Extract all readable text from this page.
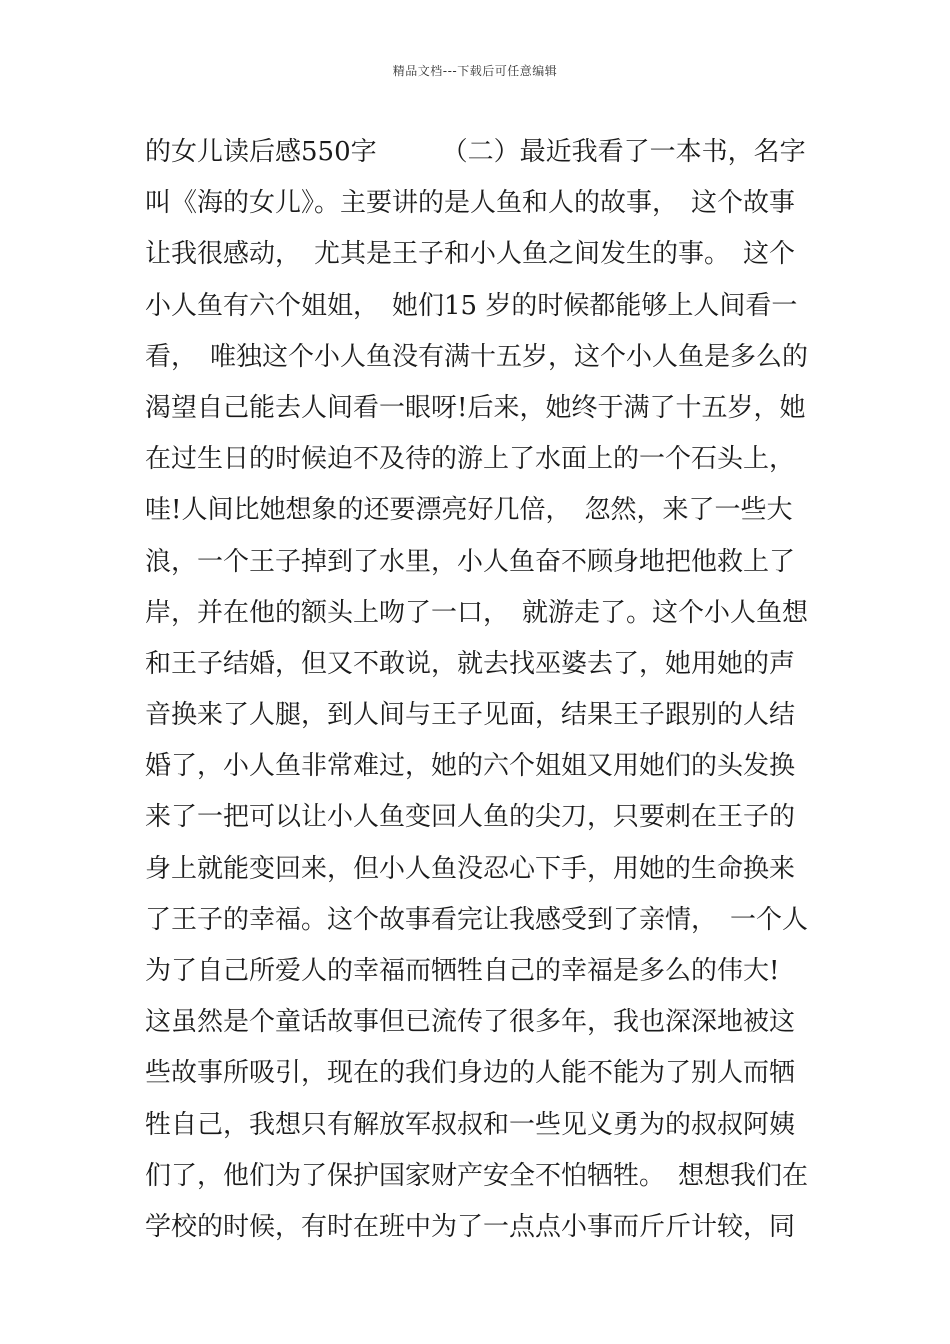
精品文档---下载后可任意编辑
的女儿读后感550字　　　（二）最近我看了一本书，名字
叫《海的女儿》。主要讲的是人鱼和人的故事，　这个故事
让我很感动，　尤其是王子和小人鱼之间发生的事。　这个
小人鱼有六个姐姐，　她们15 岁的时候都能够上人间看一
看，　唯独这个小人鱼没有满十五岁，这个小人鱼是多么的
渴望自己能去人间看一眼呀!后来，她终于满了十五岁，她
在过生日的时候迫不及待的游上了水面上的一个石头上，
哇!人间比她想象的还要漂亮好几倍，　忽然，来了一些大
浪，一个王子掉到了水里，小人鱼奋不顾身地把他救上了
岸，并在他的额头上吻了一口，　就游走了。这个小人鱼想
和王子结婚，但又不敢说，就去找巫婆去了，她用她的声
音换来了人腿，到人间与王子见面，结果王子跟别的人结
婚了，小人鱼非常难过，她的六个姐姐又用她们的头发换
来了一把可以让小人鱼变回人鱼的尖刀，只要刺在王子的
身上就能变回来，但小人鱼没忍心下手，用她的生命换来
了王子的幸福。这个故事看完让我感受到了亲情，　一个人
为了自己所爱人的幸福而牺牲自己的幸福是多么的伟大!
这虽然是个童话故事但已流传了很多年，我也深深地被这
些故事所吸引，现在的我们身边的人能不能为了别人而牺
牲自己，我想只有解放军叔叔和一些见义勇为的叔叔阿姨
们了，他们为了保护国家财产安全不怕牺牲。　想想我们在
学校的时候，有时在班中为了一点点小事而斤斤计较，同
